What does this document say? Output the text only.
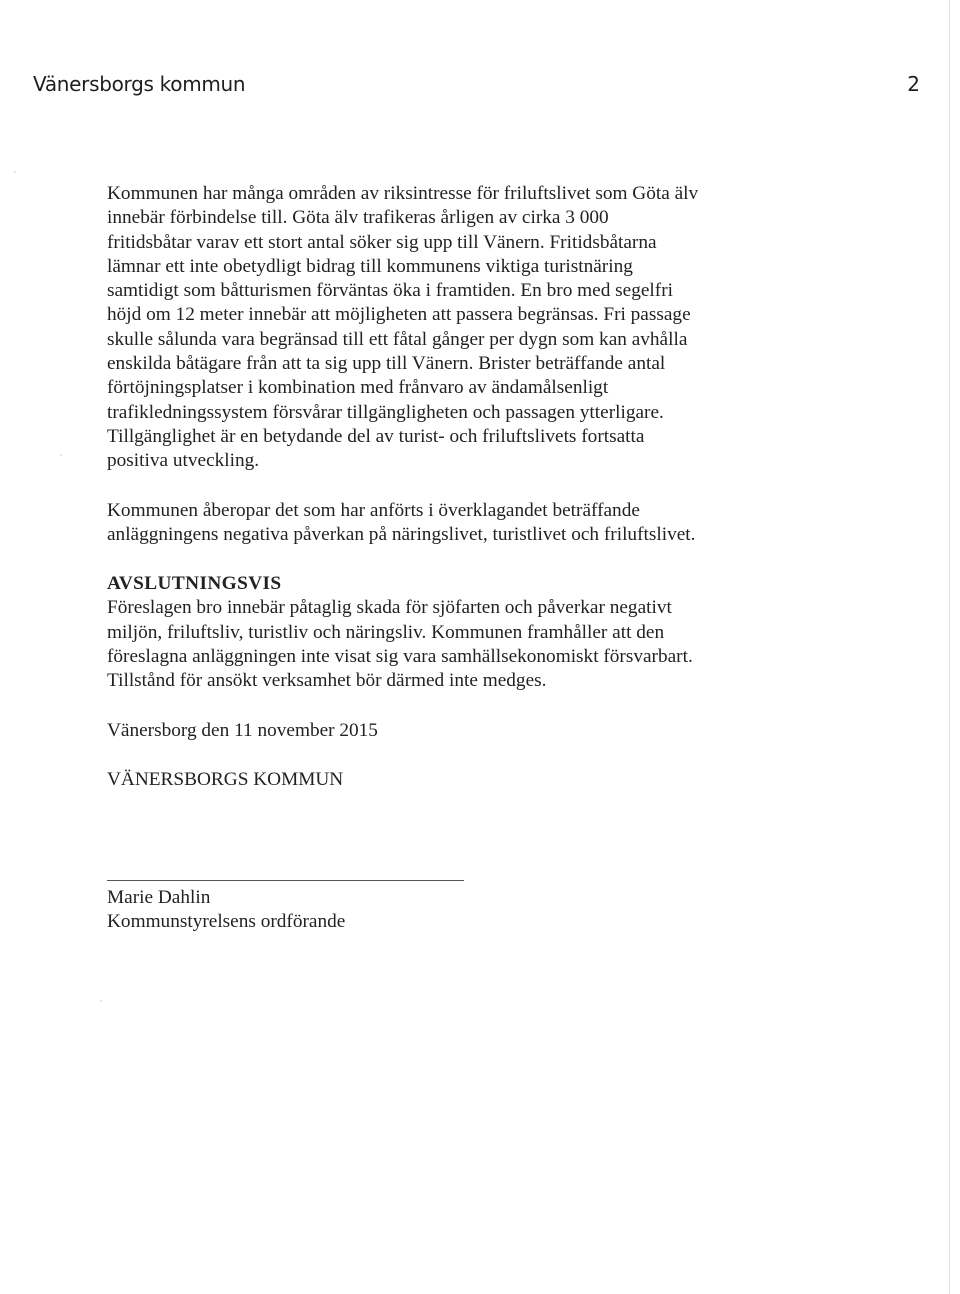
Vänersborgs kommun	2
Kommunen har många områden av riksintresse för friluftslivet som Göta älv
innebär förbindelse till. Göta älv trafikeras årligen av cirka 3 000
fritidsbåtar varav ett stort antal söker sig upp till Vänern. Fritidsbåtarna
lämnar ett inte obetydligt bidrag till kommunens viktiga turistnäring
samtidigt som båtturismen förväntas öka i framtiden. En bro med segelfri
höjd om 12 meter innebär att möjligheten att passera begränsas. Fri passage
skulle sålunda vara begränsad till ett fåtal gånger per dygn som kan avhålla
enskilda båtägare från att ta sig upp till Vänern. Brister beträffande antal
förtöjningsplatser i kombination med frånvaro av ändamålsenligt
trafikledningssystem försvårar tillgängligheten och passagen ytterligare.
Tillgänglighet är en betydande del av turist- och friluftslivets fortsatta
positiva utveckling.
Kommunen åberopar det som har anförts i överklagandet beträffande
anläggningens negativa påverkan på näringslivet, turistlivet och friluftslivet.
AVSLUTNINGSVIS
Föreslagen bro innebär påtaglig skada för sjöfarten och påverkar negativt
miljön, friluftsliv, turistliv och näringsliv. Kommunen framhåller att den
föreslagna anläggningen inte visat sig vara samhällsekonomiskt försvarbart.
Tillstånd för ansökt verksamhet bör därmed inte medges.
Vänersborg den 11 november 2015
VÄNERSBORGS KOMMUN
Marie Dahlin
Kommunstyrelsens ordförande
